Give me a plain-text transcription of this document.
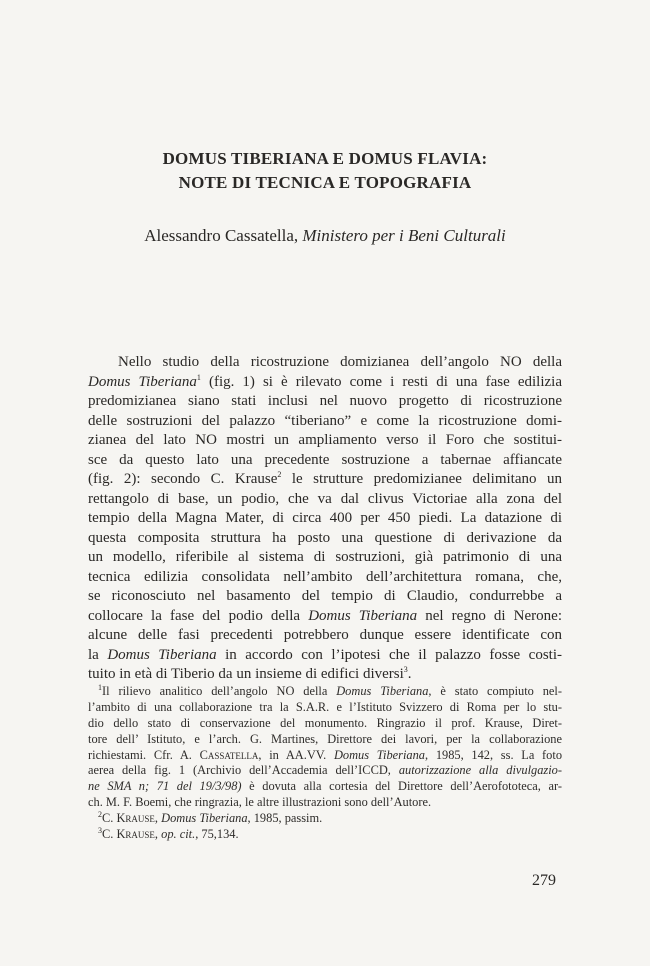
DOMUS TIBERIANA E DOMUS FLAVIA:
NOTE DI TECNICA E TOPOGRAFIA
Alessandro Cassatella, Ministero per i Beni Culturali
Nello studio della ricostruzione domizianea dell’angolo NO della
Domus Tiberiana$^1$ (fig. 1) si è rilevato come i resti di una fase edilizia
predomizianea siano stati inclusi nel nuovo progetto di ricostruzione
delle sostruzioni del palazzo “tiberiano” e come la ricostruzione domi-
zianea del lato NO mostri un ampliamento verso il Foro che sostitui-
sce da questo lato una precedente sostruzione a tabernae affiancate
(fig. 2): secondo C. Krause$^2$ le strutture predomizianee delimitano un
rettangolo di base, un podio, che va dal clivus Victoriae alla zona del
tempio della Magna Mater, di circa 400 per 450 piedi. La datazione di
questa composita struttura ha posto una questione di derivazione da
un modello, riferibile al sistema di sostruzioni, già patrimonio di una
tecnica edilizia consolidata nell’ambito dell’architettura romana, che,
se riconosciuto nel basamento del tempio di Claudio, condurrebbe a
collocare la fase del podio della Domus Tiberiana nel regno di Nerone:
alcune delle fasi precedenti potrebbero dunque essere identificate con
la Domus Tiberiana in accordo con l’ipotesi che il palazzo fosse costi-
tuito in età di Tiberio da un insieme di edifici diversi$^3$.
$^1$Il rilievo analitico dell’angolo NO della Domus Tiberiana, è stato compiuto nel-
l’ambito di una collaborazione tra la S.A.R. e l’Istituto Svizzero di Roma per lo stu-
dio dello stato di conservazione del monumento. Ringrazio il prof. Krause, Diret-
tore dell’ Istituto, e l’arch. G. Martines, Direttore dei lavori, per la collaborazione
richiestami. Cfr. A. Cassatella, in AA.VV. Domus Tiberiana, 1985, 142, ss. La foto
aerea della fig. 1 (Archivio dell’Accademia dell’ICCD, autorizzazione alla divulgazio-
ne SMA n; 71 del 19/3/98) è dovuta alla cortesia del Direttore dell’Aerofototeca, ar-
ch. M. F. Boemi, che ringrazia, le altre illustrazioni sono dell’Autore.
$^2$C. Krause, Domus Tiberiana, 1985, passim.
$^3$C. Krause, op. cit., 75,134.
279
